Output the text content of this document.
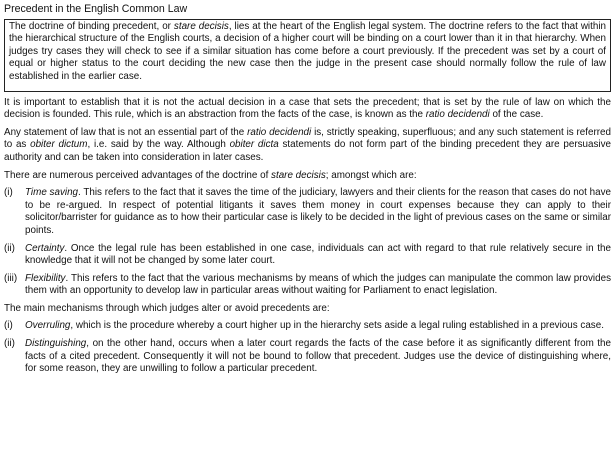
Precedent in the English Common Law

The doctrine of binding precedent, or stare decisis, lies at the heart of the English legal system. The doctrine refers to the fact that within the hierarchical structure of the English courts, a decision of a higher court will be binding on a court lower than it in that hierarchy. When judges try cases they will check to see if a similar situation has come before a court previously. If the precedent was set by a court of equal or higher status to the court deciding the new case then the judge in the present case should normally follow the rule of law established in the earlier case.

It is important to establish that it is not the actual decision in a case that sets the precedent; that is set by the rule of law on which the decision is founded. This rule, which is an abstraction from the facts of the case, is known as the ratio decidendi of the case.

Any statement of law that is not an essential part of the ratio decidendi is, strictly speaking, superfluous; and any such statement is referred to as obiter dictum, i.e. said by the way. Although obiter dicta statements do not form part of the binding precedent they are persuasive authority and can be taken into consideration in later cases.

There are numerous perceived advantages of the doctrine of stare decisis; amongst which are:

(i)	Time saving. This refers to the fact that it saves the time of the judiciary, lawyers and their clients for the reason that cases do not have to be re-argued. In respect of potential litigants it saves them money in court expenses because they can apply to their solicitor/barrister for guidance as to how their particular case is likely to be decided in the light of previous cases on the same or similar points.
(ii)	Certainty. Once the legal rule has been established in one case, individuals can act with regard to that rule relatively secure in the knowledge that it will not be changed by some later court.
(iii) Flexibility. This refers to the fact that the various mechanisms by means of which the judges can manipulate the common law provides them with an opportunity to develop law in particular areas without waiting for Parliament to enact legislation.

The main mechanisms through which judges alter or avoid precedents are:

(i)	Overruling, which is the procedure whereby a court higher up in the hierarchy sets aside a legal ruling established in a previous case.
(ii)	Distinguishing, on the other hand, occurs when a later court regards the facts of the case before it as significantly different from the facts of a cited precedent. Consequently it will not be bound to follow that precedent. Judges use the device of distinguishing where, for some reason, they are unwilling to follow a particular precedent.
